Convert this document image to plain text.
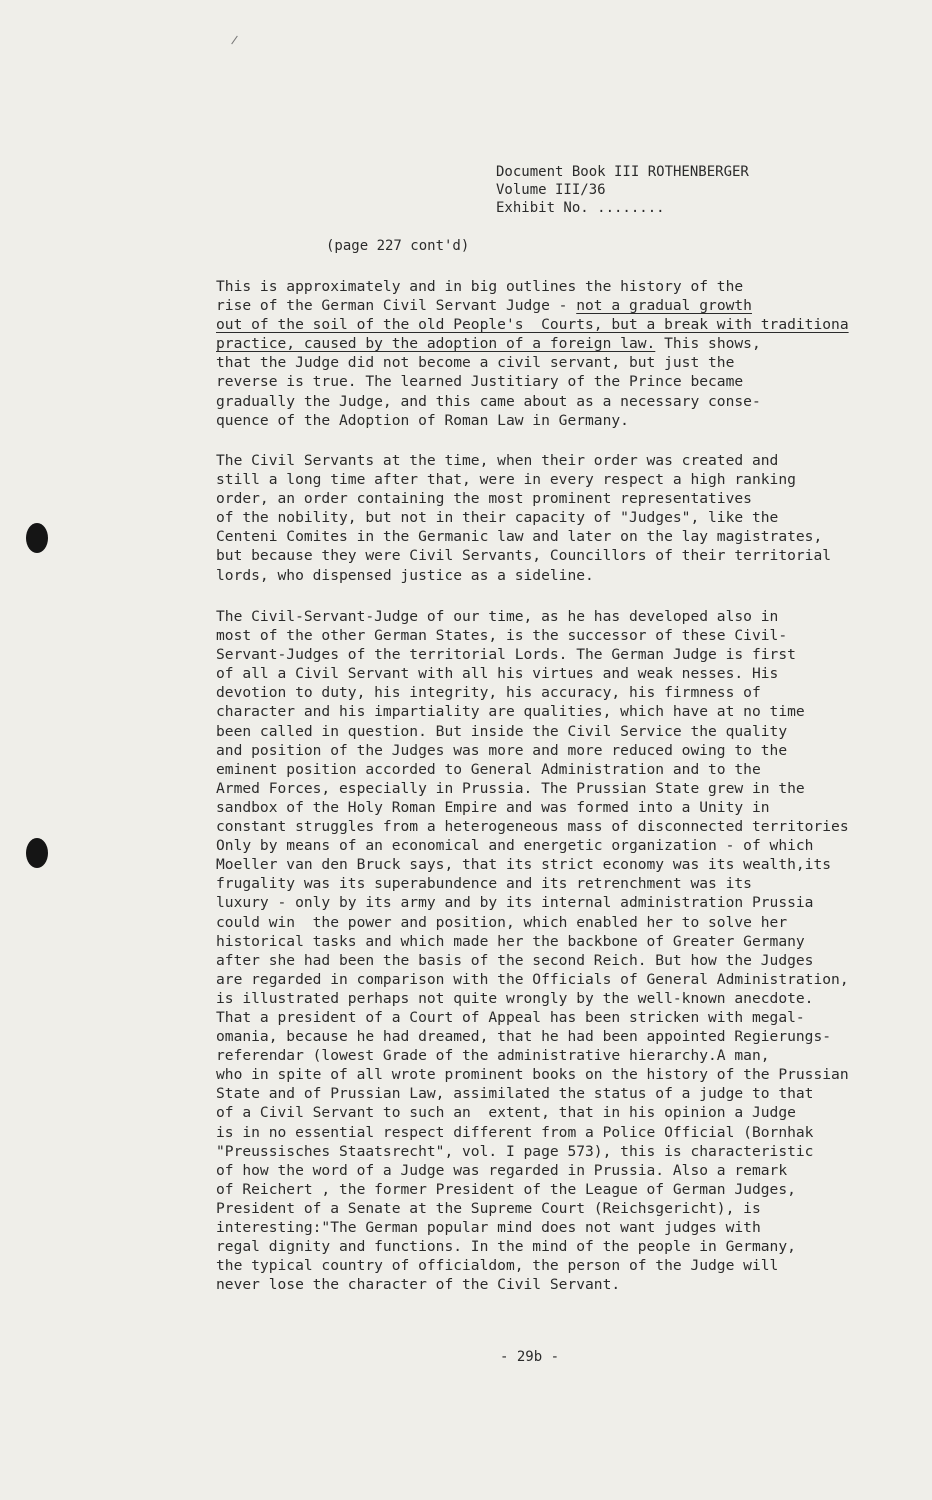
Document Book III ROTHENBERGER
Volume III/36
Exhibit No. ........
(page 227 cont'd)
This is approximately and in big outlines the history of the
rise of the German Civil Servant Judge - not a gradual growth
out of the soil of the old People's  Courts, but a break with traditiona
practice, caused by the adoption of a foreign law. This shows,
that the Judge did not become a civil servant, but just the
reverse is true. The learned Justitiary of the Prince became
gradually the Judge, and this came about as a necessary conse-
quence of the Adoption of Roman Law in Germany.
The Civil Servants at the time, when their order was created and
still a long time after that, were in every respect a high ranking
order, an order containing the most prominent representatives
of the nobility, but not in their capacity of "Judges", like the
Centeni Comites in the Germanic law and later on the lay magistrates,
but because they were Civil Servants, Councillors of their territorial
lords, who dispensed justice as a sideline.
The Civil-Servant-Judge of our time, as he has developed also in
most of the other German States, is the successor of these Civil-
Servant-Judges of the territorial Lords. The German Judge is first
of all a Civil Servant with all his virtues and weak nesses. His
devotion to duty, his integrity, his accuracy, his firmness of
character and his impartiality are qualities, which have at no time
been called in question. But inside the Civil Service the quality
and position of the Judges was more and more reduced owing to the
eminent position accorded to General Administration and to the
Armed Forces, especially in Prussia. The Prussian State grew in the
sandbox of the Holy Roman Empire and was formed into a Unity in
constant struggles from a heterogeneous mass of disconnected territories
Only by means of an economical and energetic organization - of which
Moeller van den Bruck says, that its strict economy was its wealth,its
frugality was its superabundence and its retrenchment was its
luxury - only by its army and by its internal administration Prussia
could win  the power and position, which enabled her to solve her
historical tasks and which made her the backbone of Greater Germany
after she had been the basis of the second Reich. But how the Judges
are regarded in comparison with the Officials of General Administration,
is illustrated perhaps not quite wrongly by the well-known anecdote.
That a president of a Court of Appeal has been stricken with megal-
omania, because he had dreamed, that he had been appointed Regierungs-
referendar (lowest Grade of the administrative hierarchy.A man,
who in spite of all wrote prominent books on the history of the Prussian
State and of Prussian Law, assimilated the status of a judge to that
of a Civil Servant to such an  extent, that in his opinion a Judge
is in no essential respect different from a Police Official (Bornhak
"Preussisches Staatsrecht", vol. I page 573), this is characteristic
of how the word of a Judge was regarded in Prussia. Also a remark
of Reichert , the former President of the League of German Judges,
President of a Senate at the Supreme Court (Reichsgericht), is
interesting:"The German popular mind does not want judges with
regal dignity and functions. In the mind of the people in Germany,
the typical country of officialdom, the person of the Judge will
never lose the character of the Civil Servant.
- 29b -
